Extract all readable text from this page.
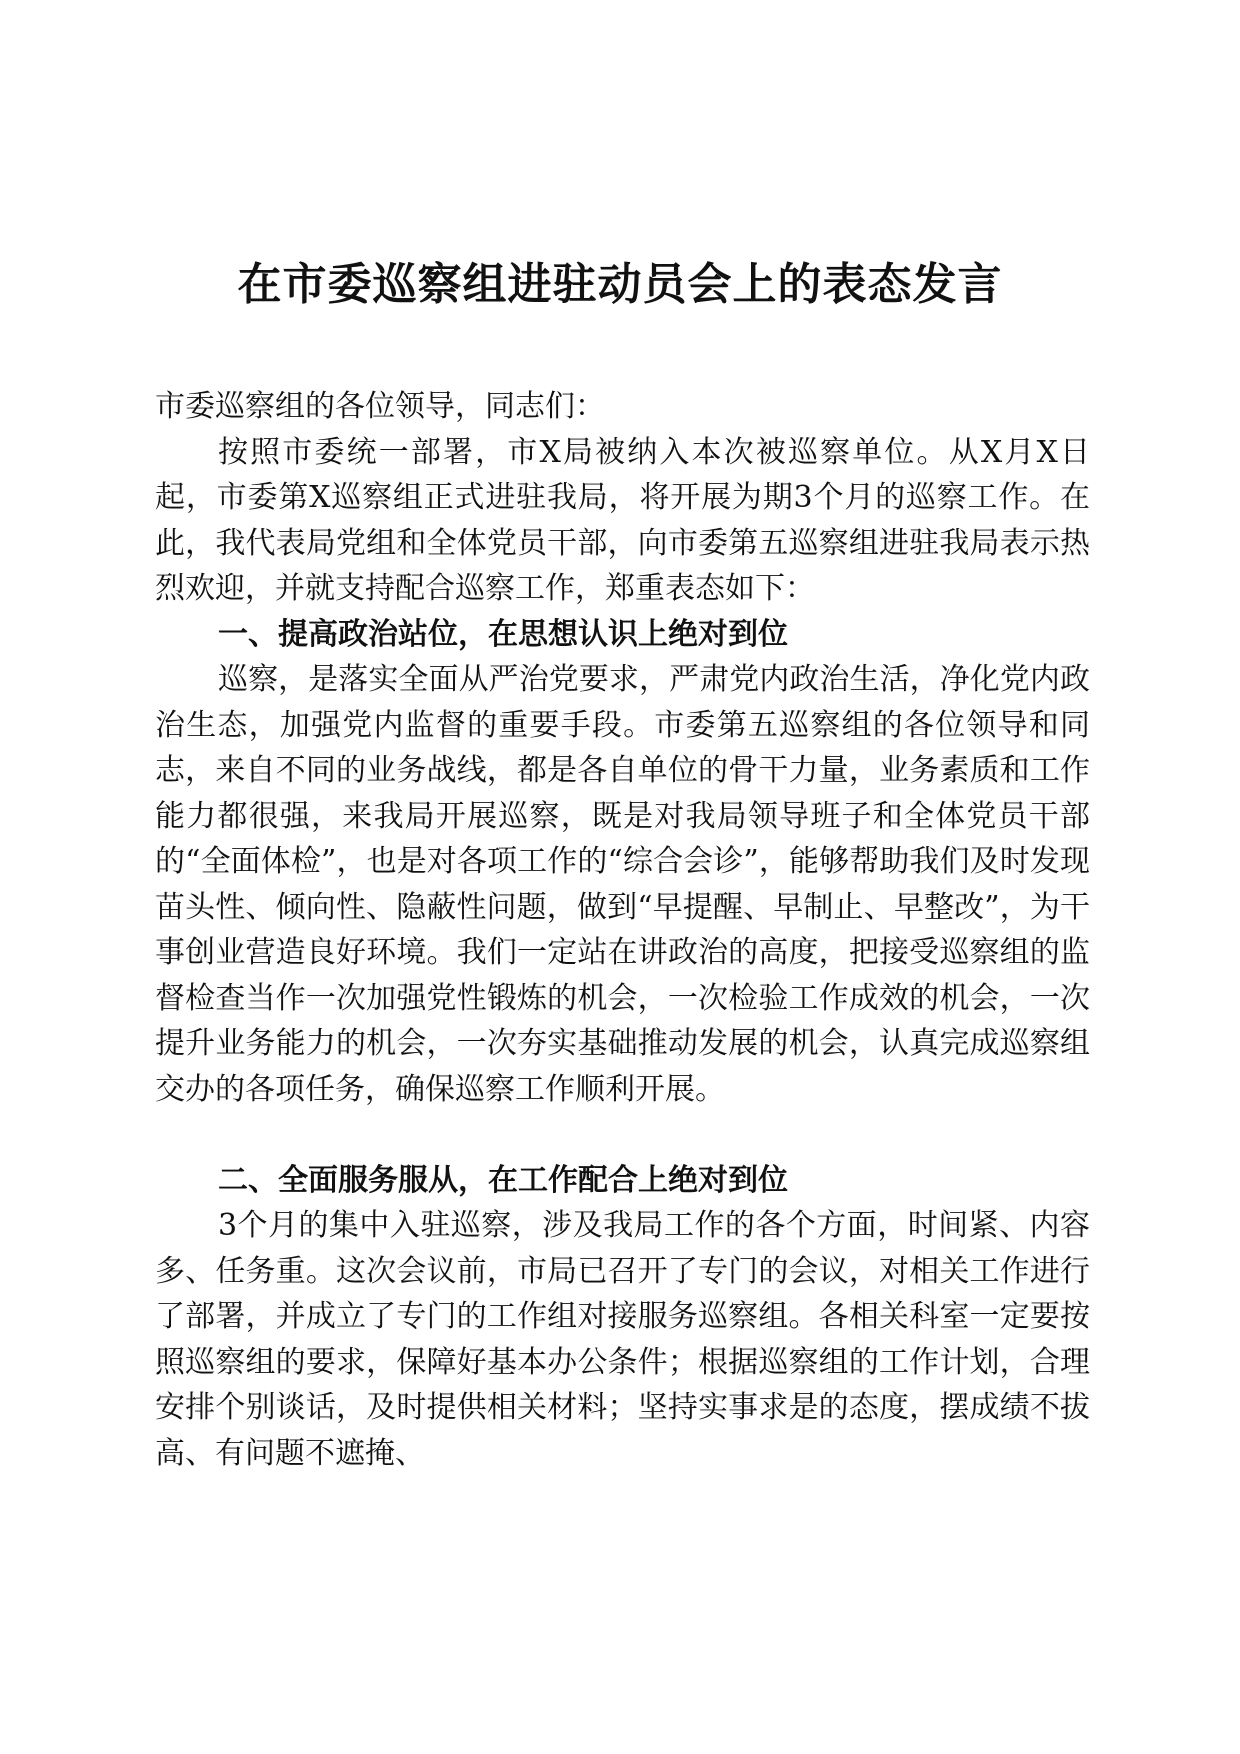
在市委巡察组进驻动员会上的表态发言

市委巡察组的各位领导，同志们：

按照市委统一部署，市X局被纳入本次被巡察单位。从X月X日起，市委第X巡察组正式进驻我局，将开展为期3个月的巡察工作。在此，我代表局党组和全体党员干部，向市委第五巡察组进驻我局表示热烈欢迎，并就支持配合巡察工作，郑重表态如下：

一、提高政治站位，在思想认识上绝对到位

巡察，是落实全面从严治党要求，严肃党内政治生活，净化党内政治生态，加强党内监督的重要手段。市委第五巡察组的各位领导和同志，来自不同的业务战线，都是各自单位的骨干力量，业务素质和工作能力都很强，来我局开展巡察，既是对我局领导班子和全体党员干部的“全面体检”，也是对各项工作的“综合会诊”，能够帮助我们及时发现苗头性、倾向性、隐蔽性问题，做到“早提醒、早制止、早整改”，为干事创业营造良好环境。我们一定站在讲政治的高度，把接受巡察组的监督检查当作一次加强党性锻炼的机会，一次检验工作成效的机会，一次提升业务能力的机会，一次夯实基础推动发展的机会，认真完成巡察组交办的各项任务，确保巡察工作顺利开展。

二、全面服务服从，在工作配合上绝对到位

3个月的集中入驻巡察，涉及我局工作的各个方面，时间紧、内容多、任务重。这次会议前，市局已召开了专门的会议，对相关工作进行了部署，并成立了专门的工作组对接服务巡察组。各相关科室一定要按照巡察组的要求，保障好基本办公条件；根据巡察组的工作计划，合理安排个别谈话，及时提供相关材料；坚持实事求是的态度，摆成绩不拔高、有问题不遮掩、
